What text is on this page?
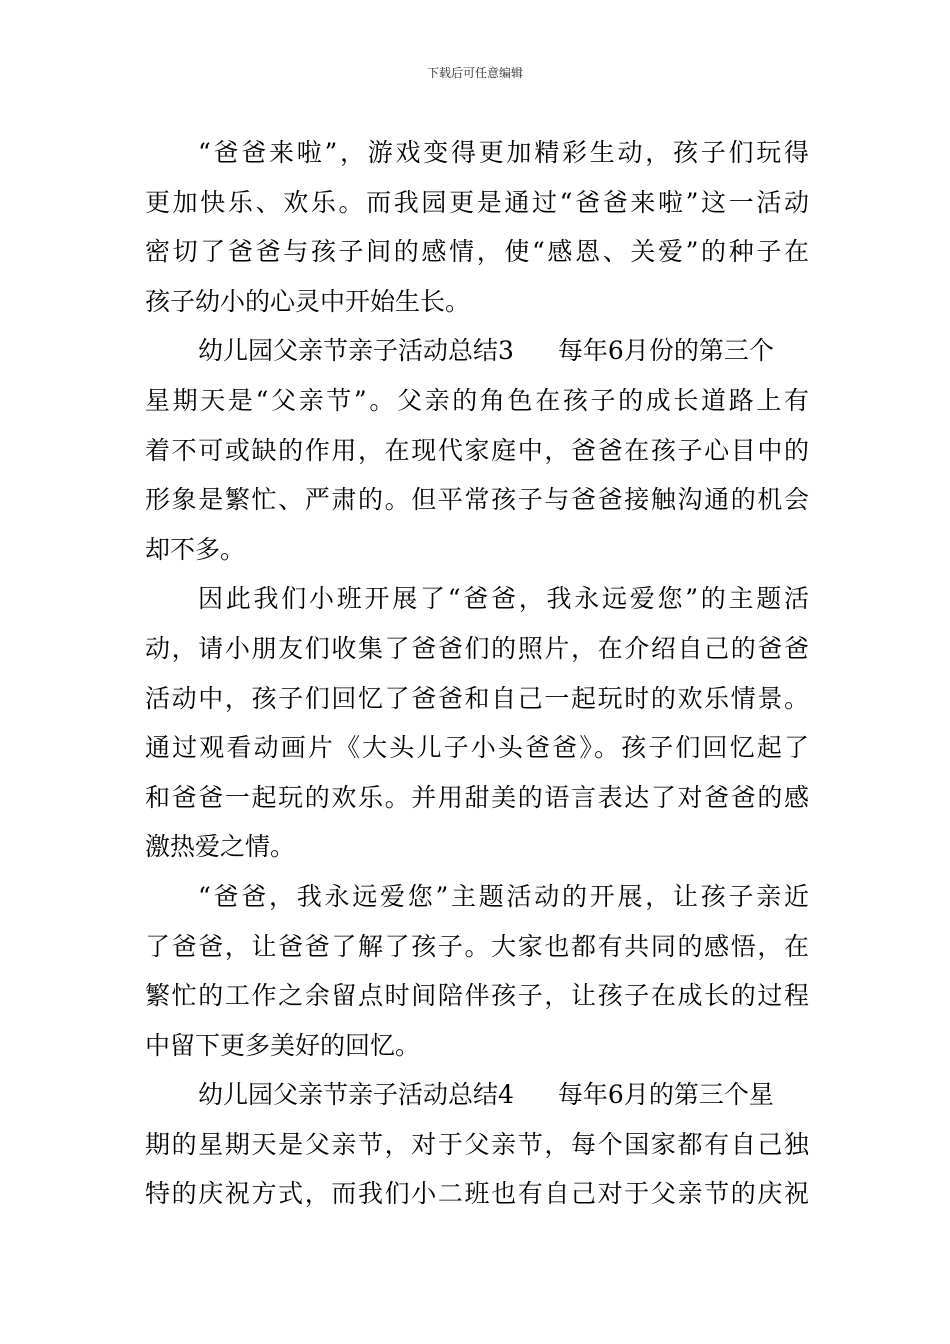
下载后可任意编辑
“爸爸来啦”，游戏变得更加精彩生动，孩子们玩得
更加快乐、欢乐。而我园更是通过“爸爸来啦”这一活动
密切了爸爸与孩子间的感情，使“感恩、关爱”的种子在
孩子幼小的心灵中开始生长。
幼儿园父亲节亲子活动总结3 每年6月份的第三个
星期天是“父亲节”。父亲的角色在孩子的成长道路上有
着不可或缺的作用，在现代家庭中，爸爸在孩子心目中的
形象是繁忙、严肃的。但平常孩子与爸爸接触沟通的机会
却不多。
因此我们小班开展了“爸爸，我永远爱您”的主题活
动，请小朋友们收集了爸爸们的照片，在介绍自己的爸爸
活动中，孩子们回忆了爸爸和自己一起玩时的欢乐情景。
通过观看动画片《大头儿子小头爸爸》。孩子们回忆起了
和爸爸一起玩的欢乐。并用甜美的语言表达了对爸爸的感
激热爱之情。
“爸爸，我永远爱您”主题活动的开展，让孩子亲近
了爸爸，让爸爸了解了孩子。大家也都有共同的感悟，在
繁忙的工作之余留点时间陪伴孩子，让孩子在成长的过程
中留下更多美好的回忆。
幼儿园父亲节亲子活动总结4 每年6月的第三个星
期的星期天是父亲节，对于父亲节，每个国家都有自己独
特的庆祝方式，而我们小二班也有自己对于父亲节的庆祝
